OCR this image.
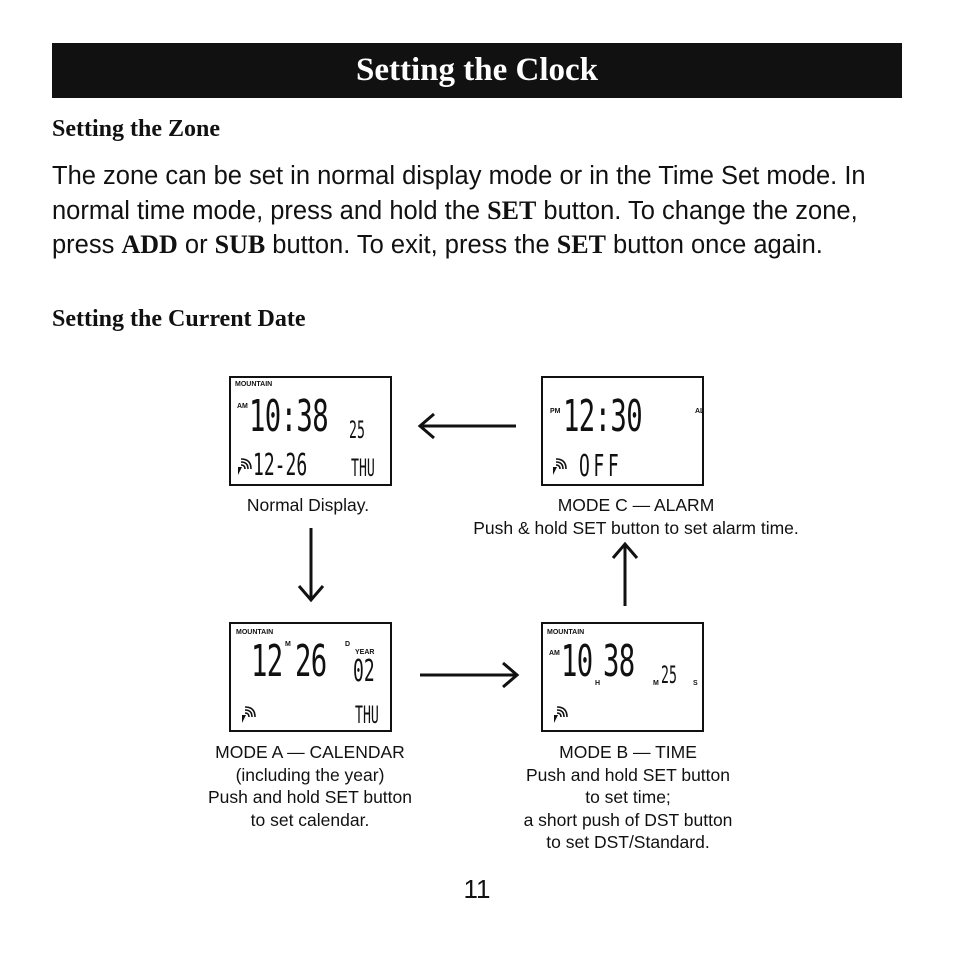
Setting the Clock
Setting the Zone

The zone can be set in normal display mode or in the Time Set mode. In normal time mode, press and hold the SET button. To change the zone, press ADD or SUB button. To exit, press the SET button once again.

Setting the Current Date
MOUNTAIN
AM 10:38 25
12-26 THU
PM 12:30	AL
OFF
MOUNTAIN
12 M 26	D
YEAR
02
THU
MOUNTAIN
AM 10 H 38	M 25 S
Normal Display.	MODE C — ALARM
Push & hold SET button to set alarm time.
MODE A — CALENDAR
(including the year)
Push and hold SET button
to set calendar.
MODE B — TIME
Push and hold SET button
to set time;
a short push of DST button
to set DST/Standard.
11
